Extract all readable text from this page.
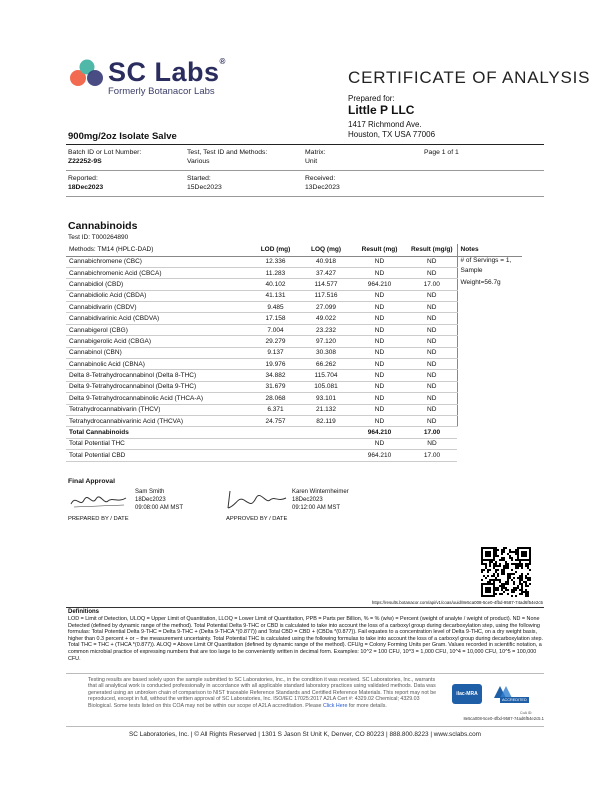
SC Labs®
Formerly Botanacor Labs
CERTIFICATE OF ANALYSIS
Prepared for:
Little P LLC
1417 Richmond Ave.
Houston, TX USA 77006
900mg/2oz Isolate Salve
Batch ID or Lot Number:
Z22252-9S
Test, Test ID and Methods:
Various
Matrix:
Unit
Page 1 of 1
Reported:
18Dec2023
Started:
15Dec2023
Received:
13Dec2023
Cannabinoids
Test ID: T000264890
Methods: TM14 (HPLC-DAD)	LOD (mg)	LOQ (mg)	Result (mg)	Result (mg/g)	Notes
Cannabichromene (CBC)	12.336	40.918	ND	ND	# of Servings = 1,
Cannabichromenic Acid (CBCA)	11.283	37.427	ND	ND	Sample
Cannabidiol (CBD)	40.102	114.577	964.210	17.00	Weight=56.7g
Cannabidiolic Acid (CBDA)	41.131	117.516	ND	ND	
Cannabidivarin (CBDV)	9.485	27.099	ND	ND	
Cannabidivarinic Acid (CBDVA)	17.158	49.022	ND	ND	
Cannabigerol (CBG)	7.004	23.232	ND	ND	
Cannabigerolic Acid (CBGA)	29.279	97.120	ND	ND	
Cannabinol (CBN)	9.137	30.308	ND	ND	
Cannabinolic Acid (CBNA)	19.976	66.262	ND	ND	
Delta 8-Tetrahydrocannabinol (Delta 8-THC)	34.882	115.704	ND	ND	
Delta 9-Tetrahydrocannabinol (Delta 9-THC)	31.679	105.081	ND	ND	
Delta 9-Tetrahydrocannabinolic Acid (THCA-A)	28.068	93.101	ND	ND	
Tetrahydrocannabivarin (THCV)	6.371	21.132	ND	ND	
Tetrahydrocannabivarinic Acid (THCVA)	24.757	82.119	ND	ND	
Total Cannabinoids			964.210	17.00	
Total Potential THC			ND	ND	
Total Potential CBD			964.210	17.00	
Final Approval
Sam Smith
18Dec2023
09:08:00 AM MST
PREPARED BY / DATE
Karen Winternheimer
18Dec2023
09:12:00 AM MST
APPROVED BY / DATE
https://results.botanacor.com/api/v1/coas/uuid/8e5ca008-5ce0-4fbd-9587-74ad6f54e2c5
Definitions
LOD = Limit of Detection, ULOQ = Upper Limit of Quantitation, LLOQ = Lower Limit of Quantitation, PPB = Parts per Billion, % = % (w/w) = Percent (weight of analyte / weight of product). ND = None Detected (defined by dynamic range of the method). Total Potential Delta 9-THC or CBD is calculated to take into account the loss of a carboxyl group during decarboxylation step, using the following formulas: Total Potential Delta 9-THC = Delta 9-THC + (Delta 9-THCA *(0.877)) and Total CBD = CBD + (CBDa *(0.877)). Fail equates to a concentration level of Delta 9-THC, on a dry weight basis, higher than 0.3 percent + or − the measurement uncertainty. Total Potential THC is calculated using the following formulas to take into account the loss of a carboxyl group during decarboxylation step. Total THC = THC + (THCA *(0.877)). ALOQ = Above Limit Of Quantitation (defined by dynamic range of the method). CFU/g = Colony Forming Units per Gram. Values recorded in scientific notation, a common microbial practice of expressing numbers that are too large to be conveniently written in decimal form. Examples: 10^2 = 100 CFU, 10^3 = 1,000 CFU, 10^4 = 10,000 CFU, 10^5 = 100,000 CFU.
Testing results are based solely upon the sample submitted to SC Laboratories, Inc., in the condition it was received. SC Laboratories, Inc., warrants that all analytical work is conducted professionally in accordance with all applicable standard laboratory practices using validated methods. Data was generated using an unbroken chain of comparison to NIST traceable Reference Standards and Certified Reference Materials. This report may not be reproduced, except in full, without the written approval of SC Laboratories, Inc. ISO/IEC 17025:2017 A2LA Cert #: 4329.02 Chemical; 4329.03 Biological. Some tests listed on this COA may not be within our scope of A2LA accreditation. Please Click Here for more details.
ilac-MRA
ACCREDITED
CoA ID:
8e5ca008-5ce0-4fbd-9587-74ad6f54e2c5.1
SC Laboratories, Inc. | © All Rights Reserved | 1301 S Jason St Unit K, Denver, CO 80223 | 888.800.8223 | www.sclabs.com
